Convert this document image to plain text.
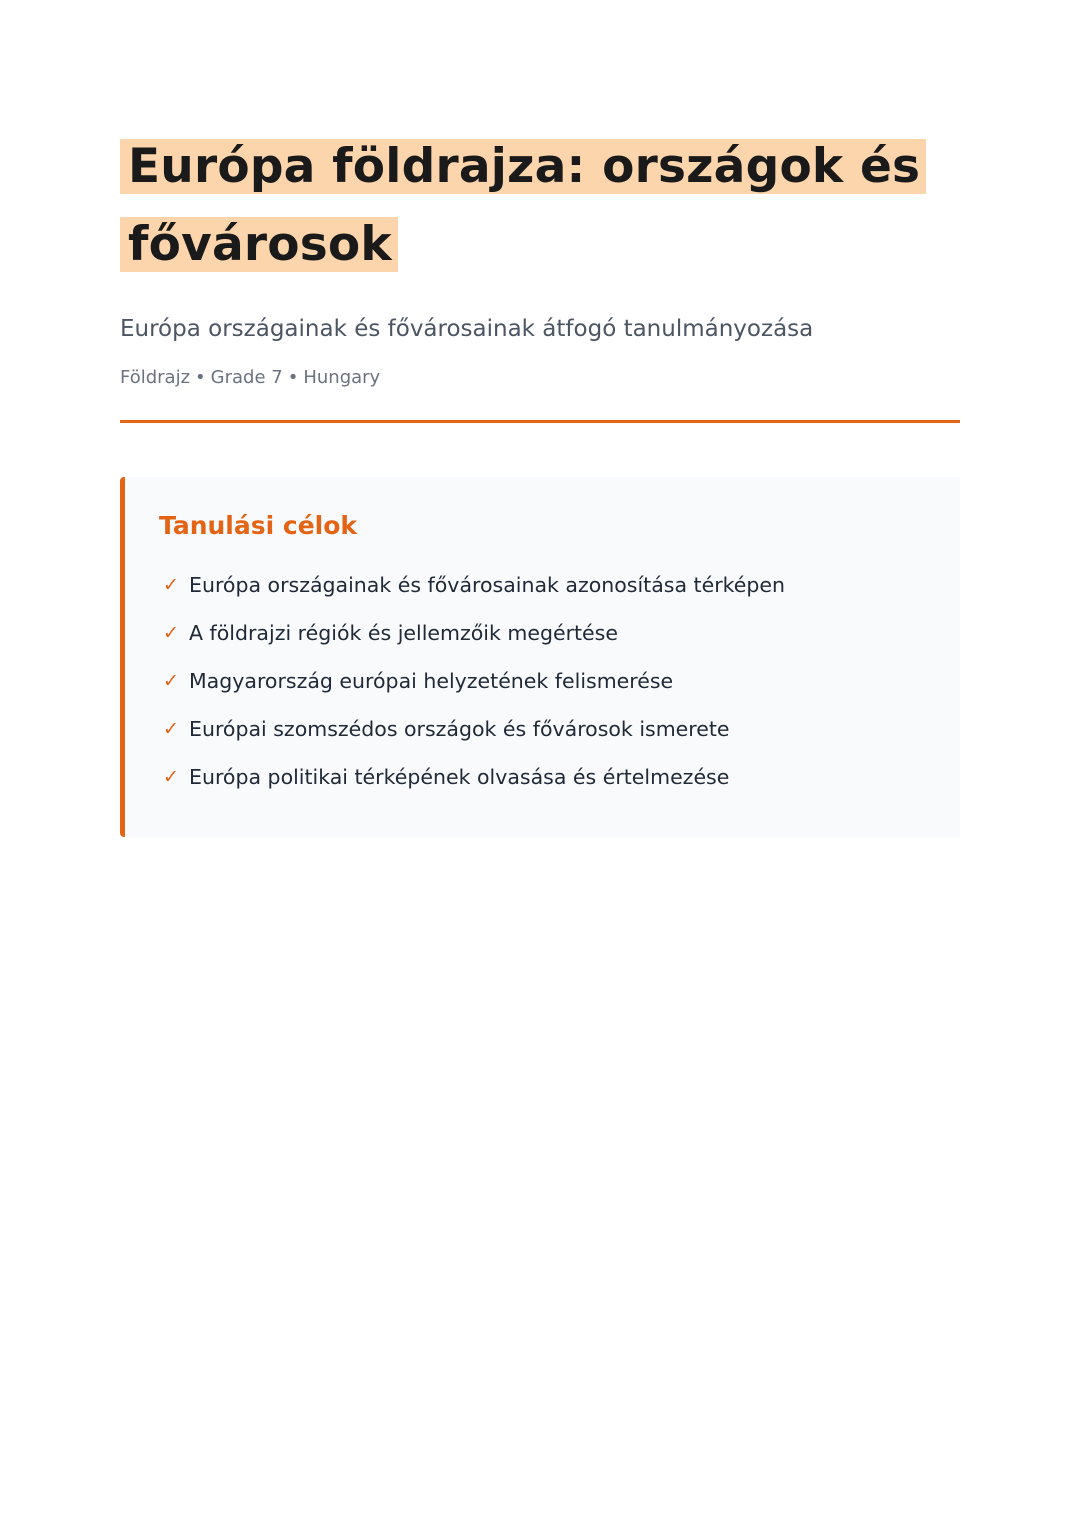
Európa földrajza: országok és
fővárosok

Európa országainak és fővárosainak átfogó tanulmányozása

Földrajz • Grade 7 • Hungary
Tanulási célok
✓ Európa országainak és fővárosainak azonosítása térképen
✓ A földrajzi régiók és jellemzőik megértése
✓ Magyarország európai helyzetének felismerése
✓ Európai szomszédos országok és fővárosok ismerete
✓ Európa politikai térképének olvasása és értelmezése
